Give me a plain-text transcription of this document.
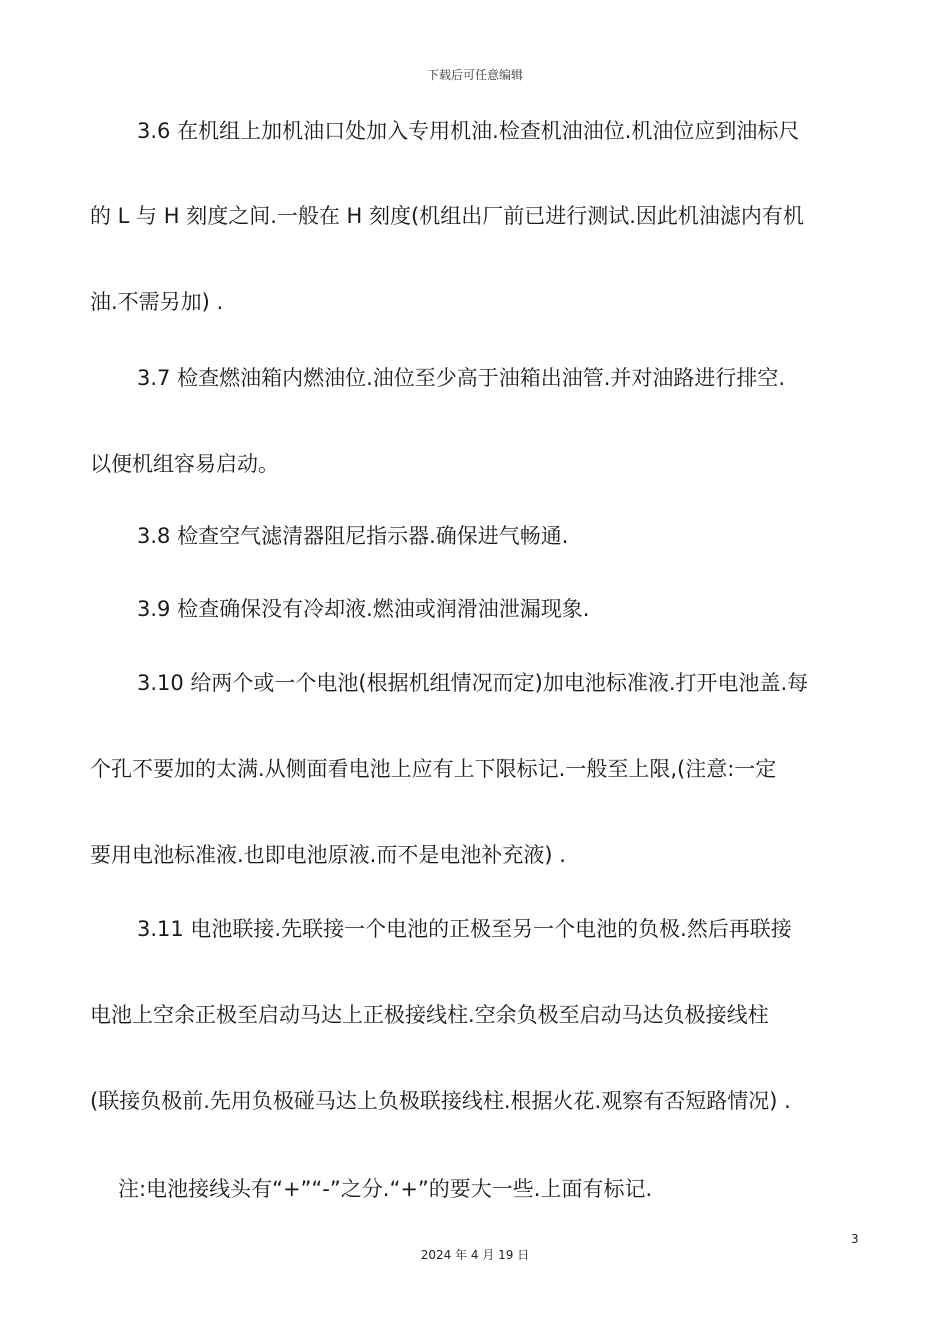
下载后可任意编辑
3.6 在机组上加机油口处加入专用机油.检查机油油位.机油位应到油标尺
的 L 与 H 刻度之间.一般在 H 刻度(机组出厂前已进行测试.因此机油滤内有机
油.不需另加) .
3.7 检查燃油箱内燃油位.油位至少高于油箱出油管.并对油路进行排空.
以便机组容易启动。
3.8 检查空气滤清器阻尼指示器.确保进气畅通.
3.9 检查确保没有冷却液.燃油或润滑油泄漏现象.
3.10 给两个或一个电池(根据机组情况而定)加电池标准液.打开电池盖.每
个孔不要加的太满.从侧面看电池上应有上下限标记.一般至上限,(注意:一定
要用电池标准液.也即电池原液.而不是电池补充液) .
3.11 电池联接.先联接一个电池的正极至另一个电池的负极.然后再联接
电池上空余正极至启动马达上正极接线柱.空余负极至启动马达负极接线柱
(联接负极前.先用负极碰马达上负极联接线柱.根据火花.观察有否短路情况) .
注:电池接线头有“+”“-”之分.“+”的要大一些.上面有标记.
3
2024 年 4 月 19 日
